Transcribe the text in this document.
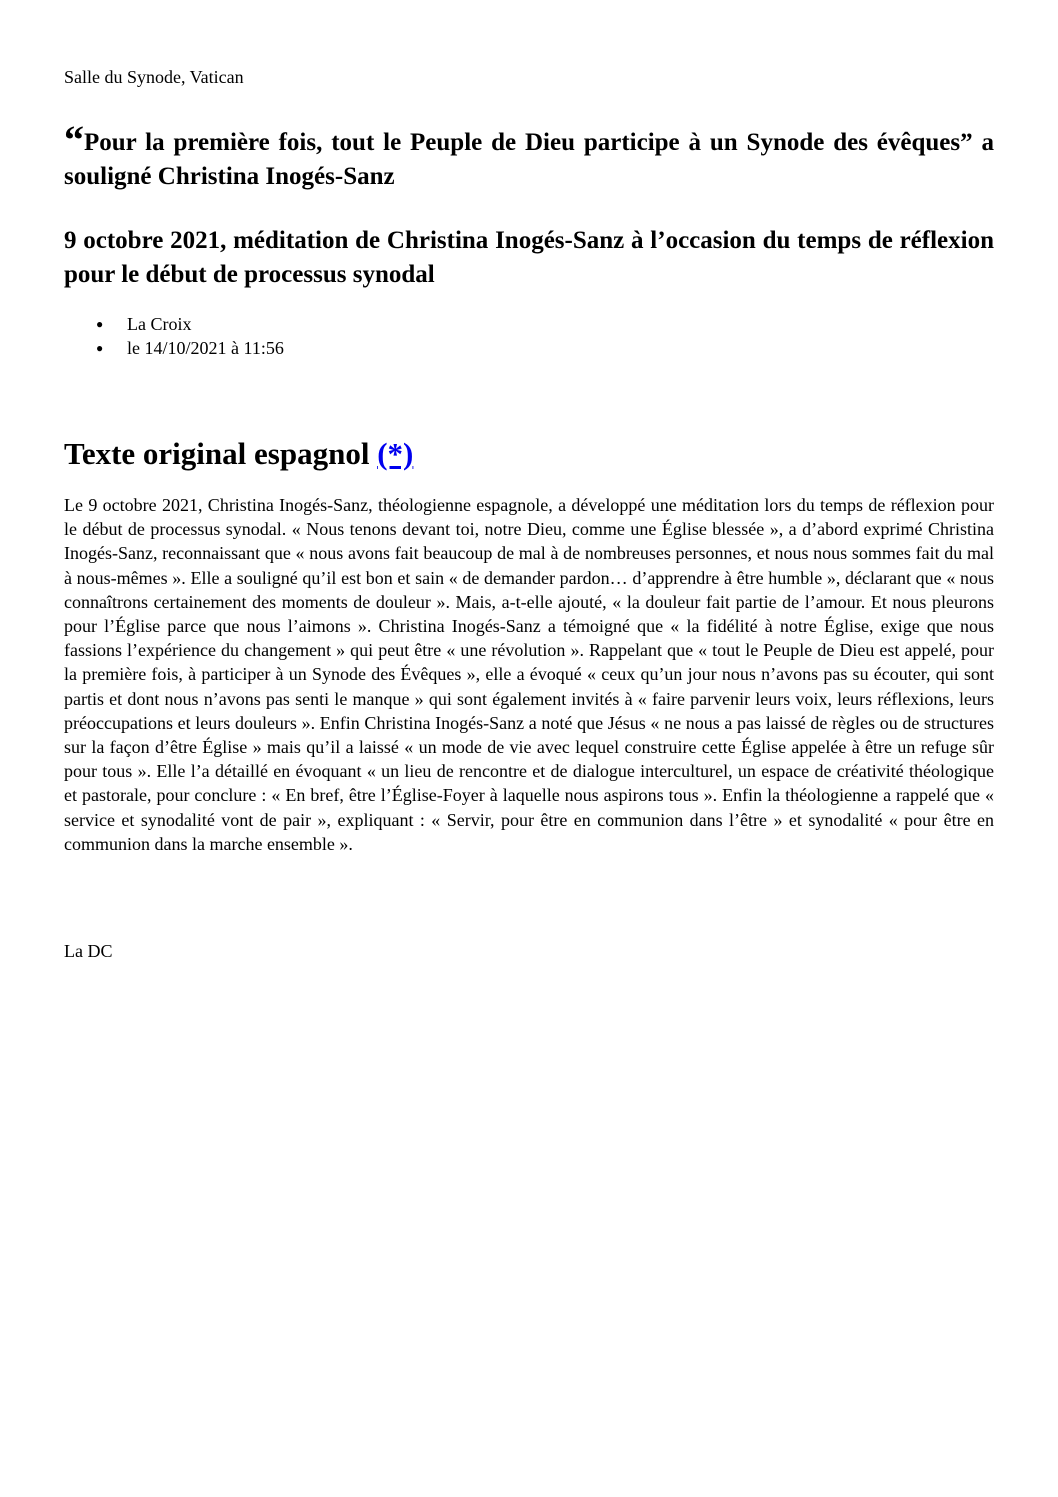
Salle du Synode, Vatican
“Pour la première fois, tout le Peuple de Dieu participe à un Synode des évêques” a souligné Christina Inogés-Sanz
9 octobre 2021, méditation de Christina Inogés-Sanz à l’occasion du temps de réflexion pour le début de processus synodal
● La Croix
● le 14/10/2021 à 11:56
Texte original espagnol (*)

Le 9 octobre 2021, Christina Inogés-Sanz, théologienne espagnole, a développé une méditation lors du temps de réflexion pour le début de processus synodal. « Nous tenons devant toi, notre Dieu, comme une Église blessée », a d’abord exprimé Christina Inogés-Sanz, reconnaissant que « nous avons fait beaucoup de mal à de nombreuses personnes, et nous nous sommes fait du mal à nous-mêmes ». Elle a souligné qu’il est bon et sain « de demander pardon… d’apprendre à être humble », déclarant que « nous connaîtrons certainement des moments de douleur ». Mais, a-t-elle ajouté, « la douleur fait partie de l’amour. Et nous pleurons pour l’Église parce que nous l’aimons ». Christina Inogés-Sanz a témoigné que « la fidélité à notre Église, exige que nous fassions l’expérience du changement » qui peut être « une révolution ». Rappelant que « tout le Peuple de Dieu est appelé, pour la première fois, à participer à un Synode des Évêques », elle a évoqué « ceux qu’un jour nous n’avons pas su écouter, qui sont partis et dont nous n’avons pas senti le manque » qui sont également invités à « faire parvenir leurs voix, leurs réflexions, leurs préoccupations et leurs douleurs ». Enfin Christina Inogés-Sanz a noté que Jésus « ne nous a pas laissé de règles ou de structures sur la façon d’être Église » mais qu’il a laissé « un mode de vie avec lequel construire cette Église appelée à être un refuge sûr pour tous ». Elle l’a détaillé en évoquant « un lieu de rencontre et de dialogue interculturel, un espace de créativité théologique et pastorale, pour conclure : « En bref, être l’Église-Foyer à laquelle nous aspirons tous ». Enfin la théologienne a rappelé que « service et synodalité vont de pair », expliquant : « Servir, pour être en communion dans l’être » et synodalité « pour être en communion dans la marche ensemble ».

La DC
